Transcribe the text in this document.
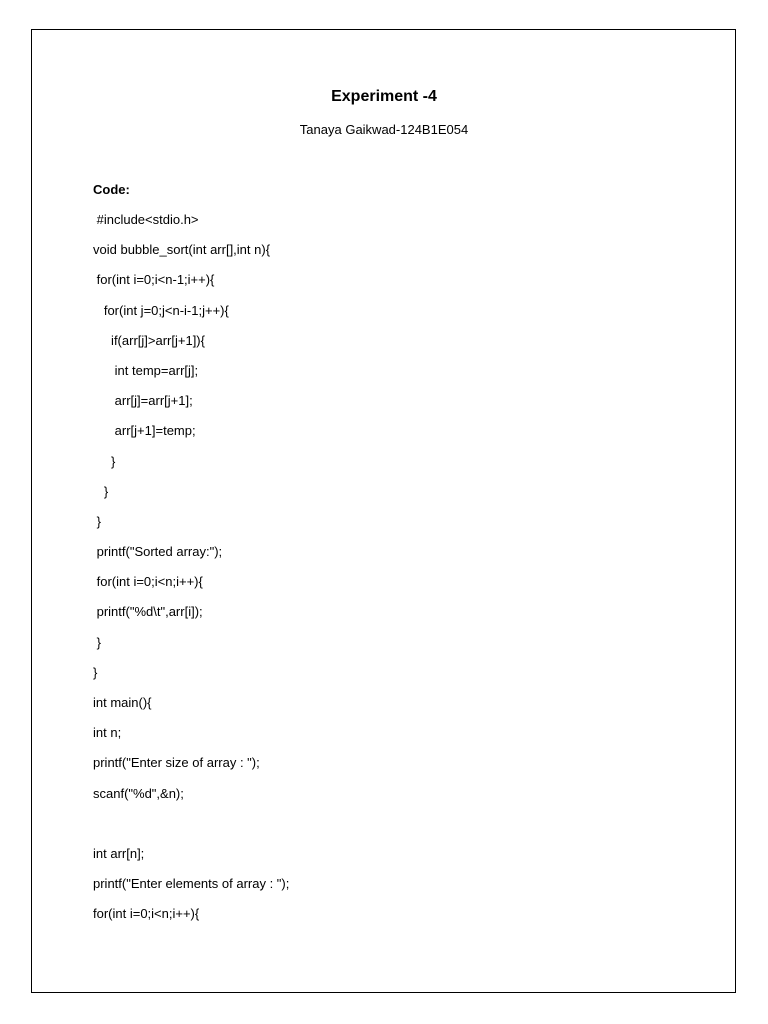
Experiment -4
Tanaya Gaikwad-124B1E054
Code:
#include<stdio.h>
void bubble_sort(int arr[],int n){
for(int i=0;i<n-1;i++){
for(int j=0;j<n-i-1;j++){
if(arr[j]>arr[j+1]){
int temp=arr[j];
arr[j]=arr[j+1];
arr[j+1]=temp;
}
}
}
printf("Sorted array:");
for(int i=0;i<n;i++){
printf("%d\t",arr[i]);
}
}
int main(){
int n;
printf("Enter size of array : ");
scanf("%d",&n);
int arr[n];
printf("Enter elements of array : ");
for(int i=0;i<n;i++){
